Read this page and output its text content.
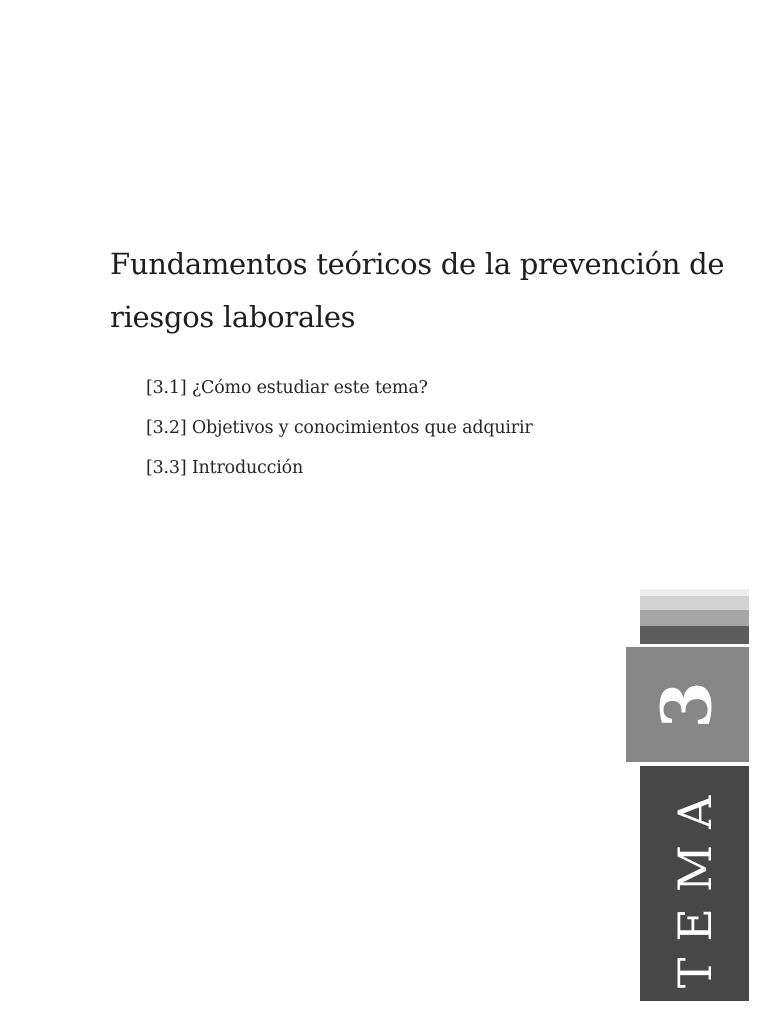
Fundamentos teóricos de la prevención de riesgos laborales
[3.1] ¿Cómo estudiar este tema?
[3.2] Objetivos y conocimientos que adquirir
[3.3] Introducción
3
TEMA
